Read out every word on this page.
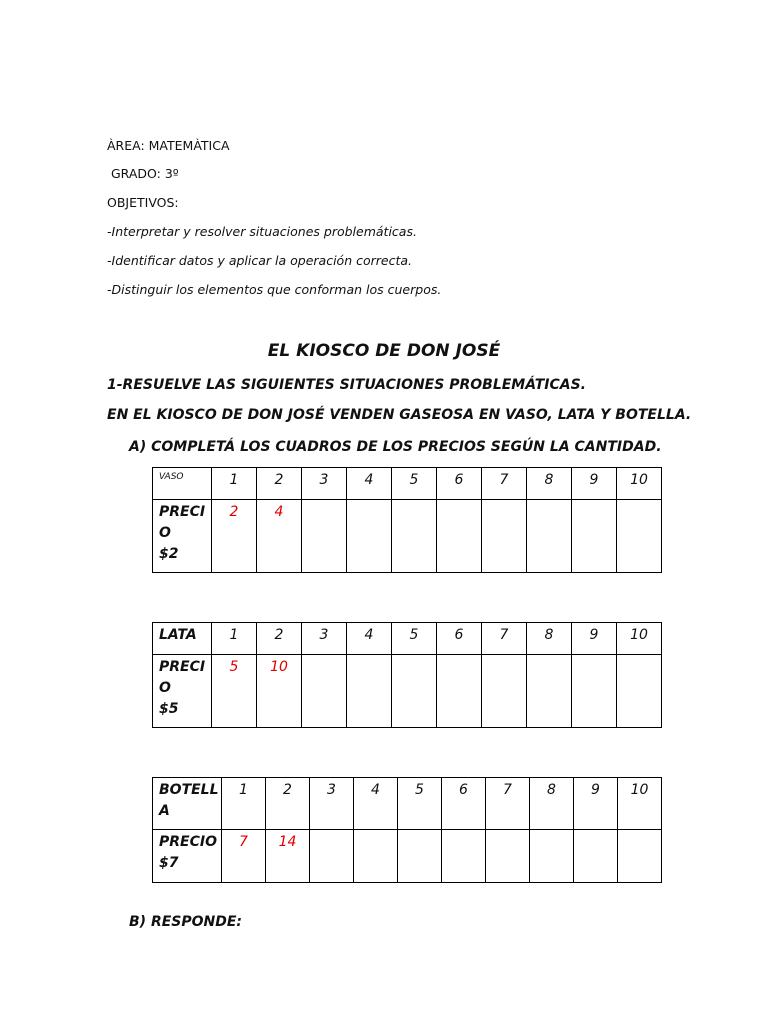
ÀREA: MATEMÀTICA
GRADO: 3º
OBJETIVOS:
-Interpretar y resolver situaciones problemáticas.
-Identificar datos y aplicar la operación correcta.
-Distinguir los elementos que conforman los cuerpos.
EL KIOSCO DE DON JOSÉ
1-RESUELVE LAS SIGUIENTES SITUACIONES PROBLEMÁTICAS.
EN EL KIOSCO DE DON JOSÉ VENDEN GASEOSA EN VASO, LATA Y BOTELLA.
A) COMPLETÁ LOS CUADROS DE LOS PRECIOS SEGÚN LA CANTIDAD.
VASO	1	2	3	4	5	6	7	8	9	10
PRECI
O
$2	2	4								
LATA	1	2	3	4	5	6	7	8	9	10
PRECI
O
$5	5	10								
BOTELL
A	1	2	3	4	5	6	7	8	9	10
PRECIO
$7	7	14								
B) RESPONDE:
